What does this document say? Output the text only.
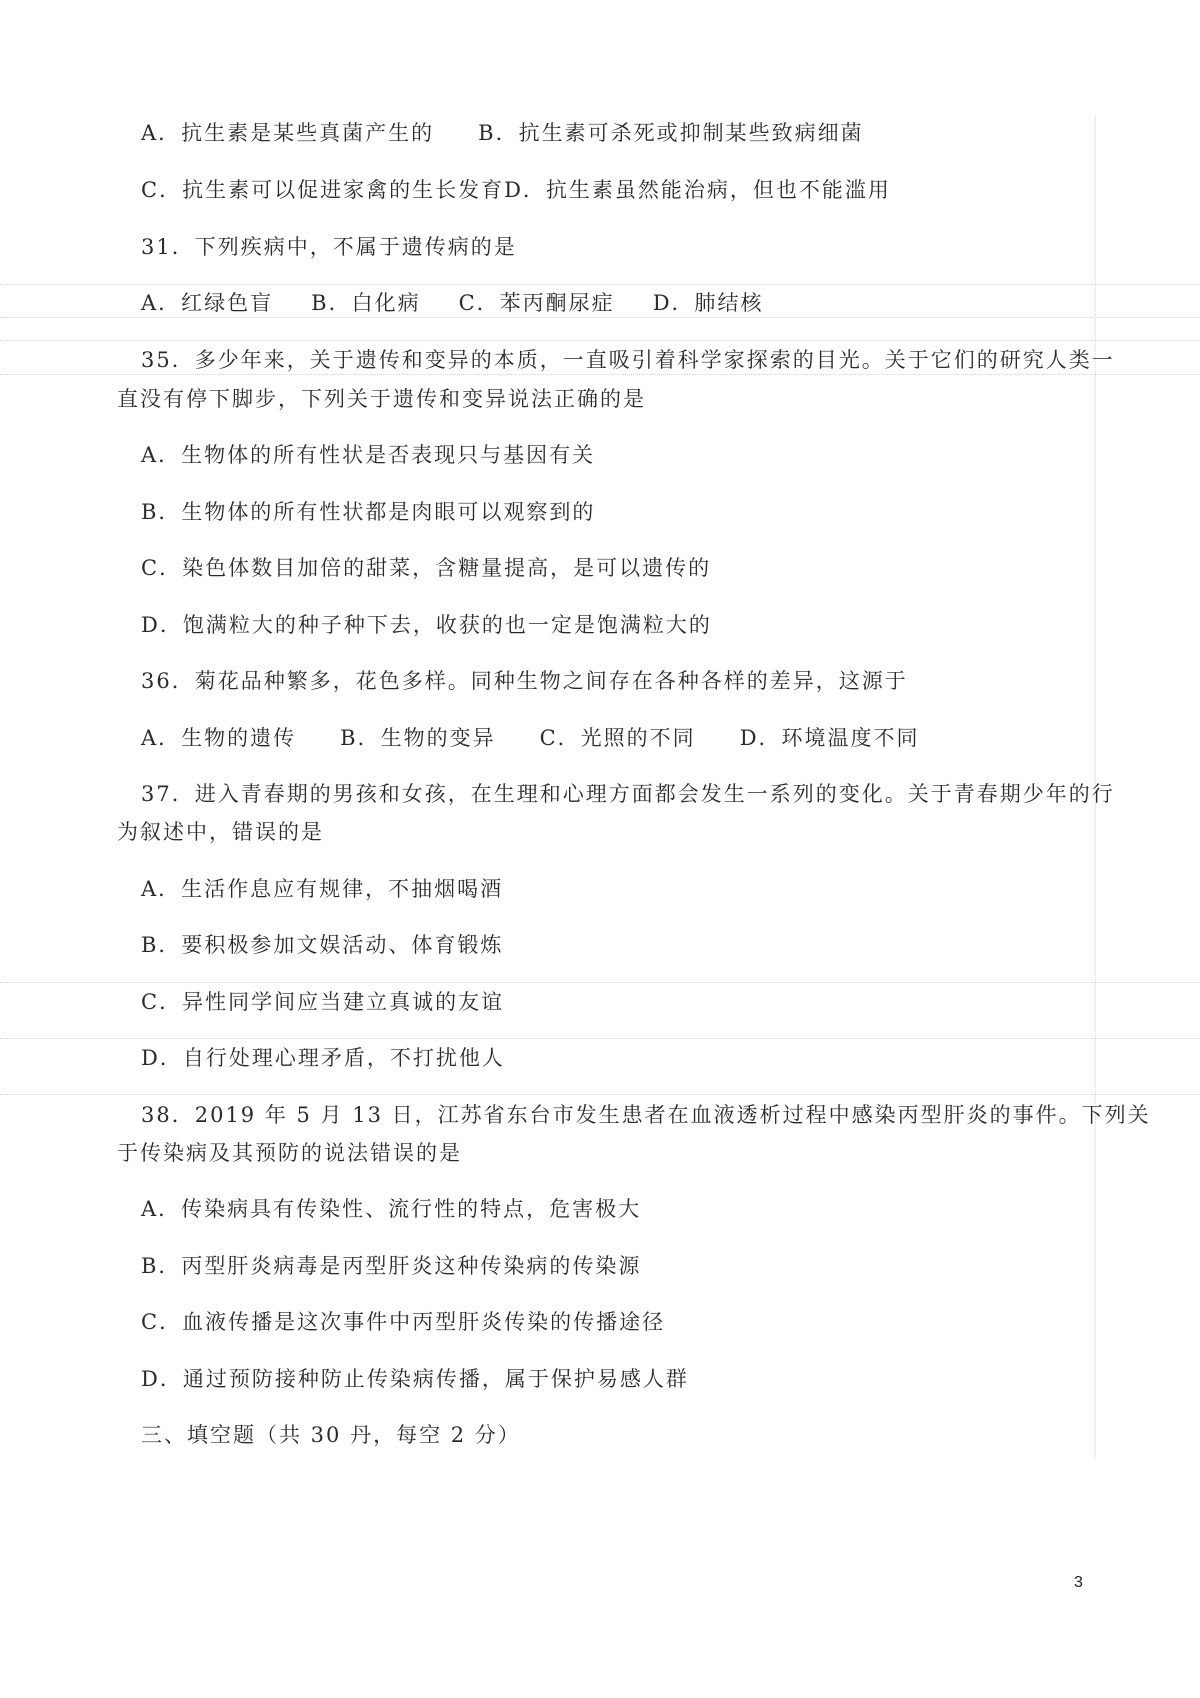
A．抗生素是某些真菌产生的 B．抗生素可杀死或抑制某些致病细菌
C．抗生素可以促进家禽的生长发育D．抗生素虽然能治病，但也不能滥用
31．下列疾病中，不属于遗传病的是
A．红绿色盲 B．白化病 C．苯丙酮尿症 D．肺结核
35．多少年来，关于遗传和变异的本质，一直吸引着科学家探索的目光。关于它们的研究人类一
直没有停下脚步，下列关于遗传和变异说法正确的是
A．生物体的所有性状是否表现只与基因有关
B．生物体的所有性状都是肉眼可以观察到的
C．染色体数目加倍的甜菜，含糖量提高，是可以遗传的
D．饱满粒大的种子种下去，收获的也一定是饱满粒大的
36．菊花品种繁多，花色多样。同种生物之间存在各种各样的差异，这源于
A．生物的遗传 B．生物的变异 C．光照的不同 D．环境温度不同
37．进入青春期的男孩和女孩，在生理和心理方面都会发生一系列的变化。关于青春期少年的行
为叙述中，错误的是
A．生活作息应有规律，不抽烟喝酒
B．要积极参加文娱活动、体育锻炼
C．异性同学间应当建立真诚的友谊
D．自行处理心理矛盾，不打扰他人
38．2019 年 5 月 13 日，江苏省东台市发生患者在血液透析过程中感染丙型肝炎的事件。下列关
于传染病及其预防的说法错误的是
A．传染病具有传染性、流行性的特点，危害极大
B．丙型肝炎病毒是丙型肝炎这种传染病的传染源
C．血液传播是这次事件中丙型肝炎传染的传播途径
D．通过预防接种防止传染病传播，属于保护易感人群
三、填空题（共 30 丹，每空 2 分）
3
